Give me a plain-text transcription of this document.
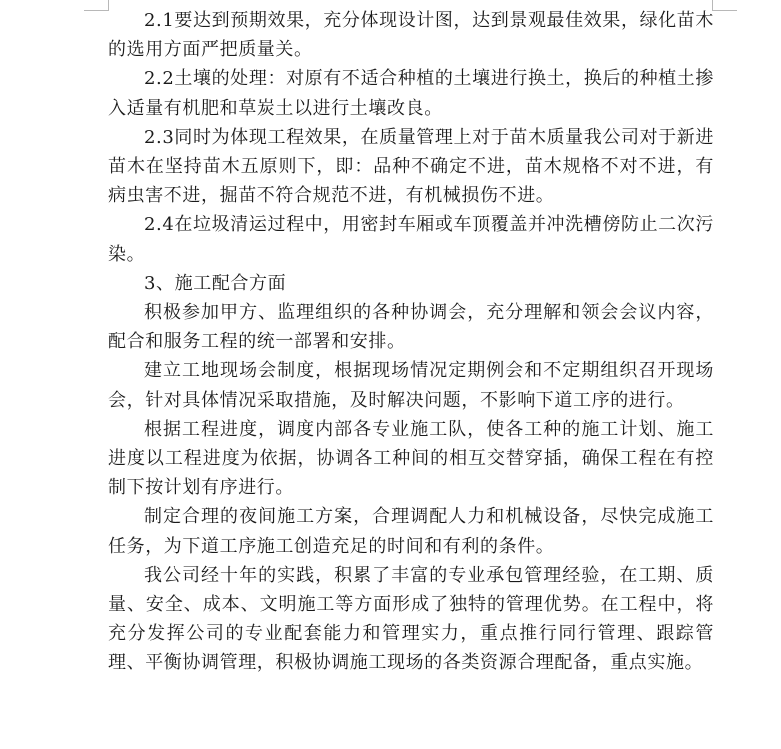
2.1要达到预期效果，充分体现设计图，达到景观最佳效果，绿化苗木的选用方面严把质量关。

2.2土壤的处理：对原有不适合种植的土壤进行换土，换后的种植土掺入适量有机肥和草炭土以进行土壤改良。

2.3同时为体现工程效果，在质量管理上对于苗木质量我公司对于新进苗木在坚持苗木五原则下，即：品种不确定不进，苗木规格不对不进，有病虫害不进，掘苗不符合规范不进，有机械损伤不进。

2.4在垃圾清运过程中，用密封车厢或车顶覆盖并冲洗槽傍防止二次污染。

3、施工配合方面

积极参加甲方、监理组织的各种协调会，充分理解和领会会议内容，配合和服务工程的统一部署和安排。

建立工地现场会制度，根据现场情况定期例会和不定期组织召开现场会，针对具体情况采取措施，及时解决问题，不影响下道工序的进行。

根据工程进度，调度内部各专业施工队，使各工种的施工计划、施工进度以工程进度为依据，协调各工种间的相互交替穿插，确保工程在有控制下按计划有序进行。

制定合理的夜间施工方案，合理调配人力和机械设备，尽快完成施工任务，为下道工序施工创造充足的时间和有利的条件。

我公司经十年的实践，积累了丰富的专业承包管理经验，在工期、质量、安全、成本、文明施工等方面形成了独特的管理优势。在工程中，将充分发挥公司的专业配套能力和管理实力，重点推行同行管理、跟踪管理、平衡协调管理，积极协调施工现场的各类资源合理配备，重点实施。
